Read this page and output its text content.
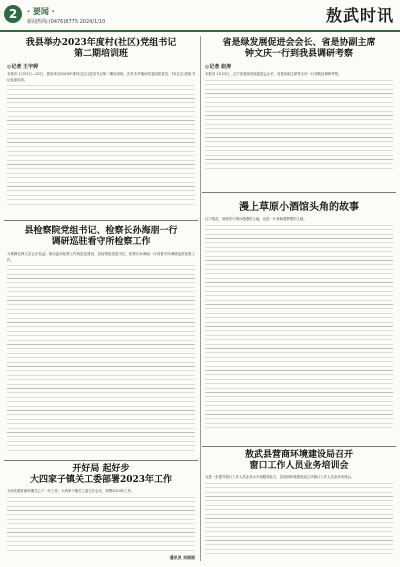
2	· 要闻 ·
新闻热线:(0476)8775 2024/1/10	敖武时讯
我县举办2023年度村(社区)党组书记
第二期培训班
◎记者 王宇婷
本报讯 1月23日—25日，我县举办2023年度村(社区)党组书记第二期培训班，各苏木乡镇场党委组织委员、村(社区)党组书记参加培训。
县检察院党组书记、检察长孙海朋一行
调研巡驻看守所检察工作
为保障在押人员合法权益，推动监所检察工作规范化建设，县检察院党组书记、检察长孙海朋一行到看守所调研巡驻检察工作。
开好局 起好步
大四家子镇关工委部署2023年工作
为切实做好新时期关心下一代工作，大四家子镇关工委召开会议，部署2023年工作。
通讯员 刘丽丽
省是绿发展促进会会长、省是协副主席
钟文庆一行到我县调研考察
◎记者 赵涛
本报讯 1月23日，辽宁省是绿发展促进会会长、省是协副主席钟文庆一行到我县调研考察。
漫上草原小酒馆头角的故事
辽宁敖武，那里有片黄沙漫漫的土地，也是一片承载着梦想的土地。
敖武县营商环境建设局召开
窗口工作人员业务培训会
为进一步提升窗口工作人员业务水平和服务能力，县营商环境建设局召开窗口工作人员业务培训会。
